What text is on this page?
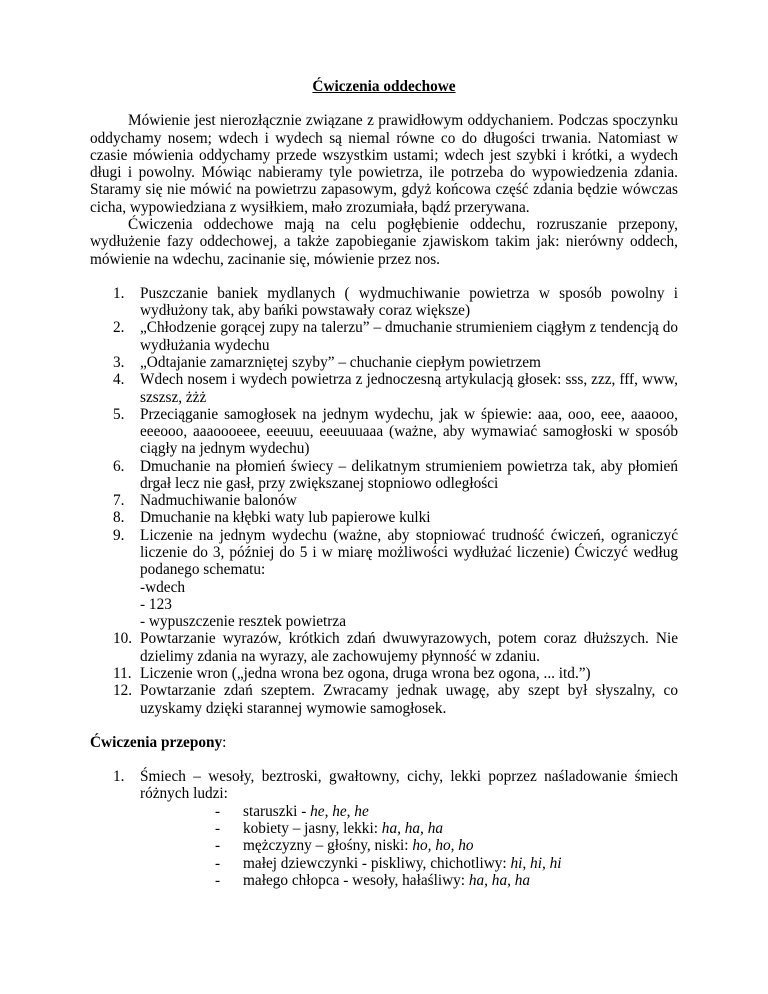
Ćwiczenia oddechowe

Mówienie jest nierozłącznie związane z prawidłowym oddychaniem. Podczas spoczynku oddychamy nosem; wdech i wydech są niemal równe co do długości trwania. Natomiast w czasie mówienia oddychamy przede wszystkim ustami; wdech jest szybki i krótki, a wydech długi i powolny. Mówiąc nabieramy tyle powietrza, ile potrzeba do wypowiedzenia zdania. Staramy się nie mówić na powietrzu zapasowym, gdyż końcowa część zdania będzie wówczas cicha, wypowiedziana z wysiłkiem, mało zrozumiała, bądź przerywana.

Ćwiczenia oddechowe mają na celu pogłębienie oddechu, rozruszanie przepony, wydłużenie fazy oddechowej, a także zapobieganie zjawiskom takim jak: nierówny oddech, mówienie na wdechu, zacinanie się, mówienie przez nos.

Puszczanie baniek mydlanych ( wydmuchiwanie powietrza w sposób powolny i wydłużony tak, aby bańki powstawały coraz większe)
„Chłodzenie gorącej zupy na talerzu” – dmuchanie strumieniem ciągłym z tendencją do wydłużania wydechu
„Odtajanie zamarzniętej szyby” – chuchanie ciepłym powietrzem
Wdech nosem i wydech powietrza z jednoczesną artykulacją głosek: sss, zzz, fff, www, szszsz, żżż
Przeciąganie samogłosek na jednym wydechu, jak w śpiewie: aaa, ooo, eee, aaaooo, eeeooo, aaaoooeee, eeeuuu, eeeuuuaaa (ważne, aby wymawiać samogłoski w sposób ciągły na jednym wydechu)
Dmuchanie na płomień świecy – delikatnym strumieniem powietrza tak, aby płomień drgał lecz nie gasł, przy zwiększanej stopniowo odległości
Nadmuchiwanie balonów
Dmuchanie na kłębki waty lub papierowe kulki
Liczenie na jednym wydechu (ważne, aby stopniować trudność ćwiczeń, ograniczyć liczenie do 3, później do 5 i w miarę możliwości wydłużać liczenie) Ćwiczyć według podanego schematu:
-wdech
- 123
- wypuszczenie resztek powietrza
Powtarzanie wyrazów, krótkich zdań dwuwyrazowych, potem coraz dłuższych. Nie dzielimy zdania na wyrazy, ale zachowujemy płynność w zdaniu.
Liczenie wron („jedna wrona bez ogona, druga wrona bez ogona, ... itd.”)
Powtarzanie zdań szeptem. Zwracamy jednak uwagę, aby szept był słyszalny, co uzyskamy dzięki starannej wymowie samogłosek.

Ćwiczenia przepony:

Śmiech – wesoły, beztroski, gwałtowny, cichy, lekki poprzez naśladowanie śmiech różnych ludzi:
- staruszki - he, he, he
- kobiety – jasny, lekki: ha, ha, ha
- mężczyzny – głośny, niski: ho, ho, ho
- małej dziewczynki - piskliwy, chichotliwy: hi, hi, hi
- małego chłopca - wesoły, hałaśliwy: ha, ha, ha
